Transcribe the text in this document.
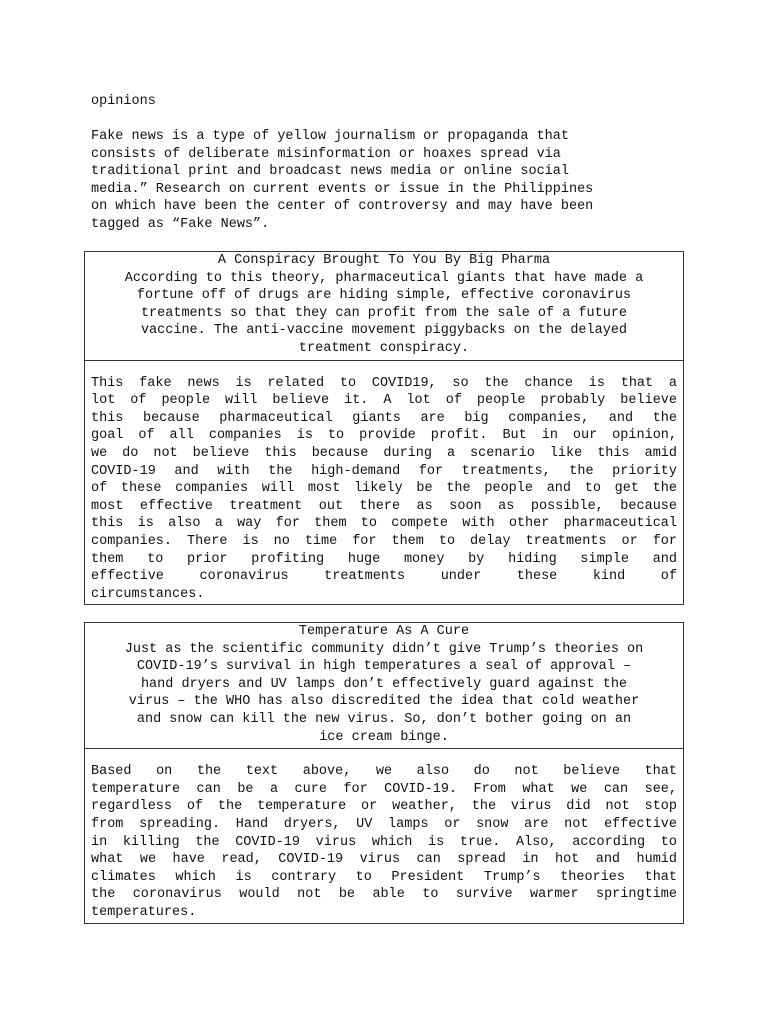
opinions

Fake news is a type of yellow journalism or propaganda that
consists of deliberate misinformation or hoaxes spread via
traditional print and broadcast news media or online social
media.” Research on current events or issue in the Philippines
on which have been the center of controversy and may have been
tagged as “Fake News”.

A Conspiracy Brought To You By Big Pharma
According to this theory, pharmaceutical giants that have made a
fortune off of drugs are hiding simple, effective coronavirus
treatments so that they can profit from the sale of a future
vaccine. The anti-vaccine movement piggybacks on the delayed
treatment conspiracy.
This fake news is related to COVID19, so the chance is that a
lot of people will believe it. A lot of people probably believe
this because pharmaceutical giants are big companies, and the
goal of all companies is to provide profit. But in our opinion,
we do not believe this because during a scenario like this amid
COVID-19 and with the high-demand for treatments, the priority
of these companies will most likely be the people and to get the
most effective treatment out there as soon as possible, because
this is also a way for them to compete with other pharmaceutical
companies. There is no time for them to delay treatments or for
them to prior profiting huge money by hiding simple and
effective coronavirus treatments under these kind of
circumstances.
Temperature As A Cure
Just as the scientific community didn’t give Trump’s theories on
COVID-19’s survival in high temperatures a seal of approval –
hand dryers and UV lamps don’t effectively guard against the
virus – the WHO has also discredited the idea that cold weather
and snow can kill the new virus. So, don’t bother going on an
ice cream binge.
Based on the text above, we also do not believe that
temperature can be a cure for COVID-19. From what we can see,
regardless of the temperature or weather, the virus did not stop
from spreading. Hand dryers, UV lamps or snow are not effective
in killing the COVID-19 virus which is true. Also, according to
what we have read, COVID-19 virus can spread in hot and humid
climates which is contrary to President Trump’s theories that
the coronavirus would not be able to survive warmer springtime
temperatures.
